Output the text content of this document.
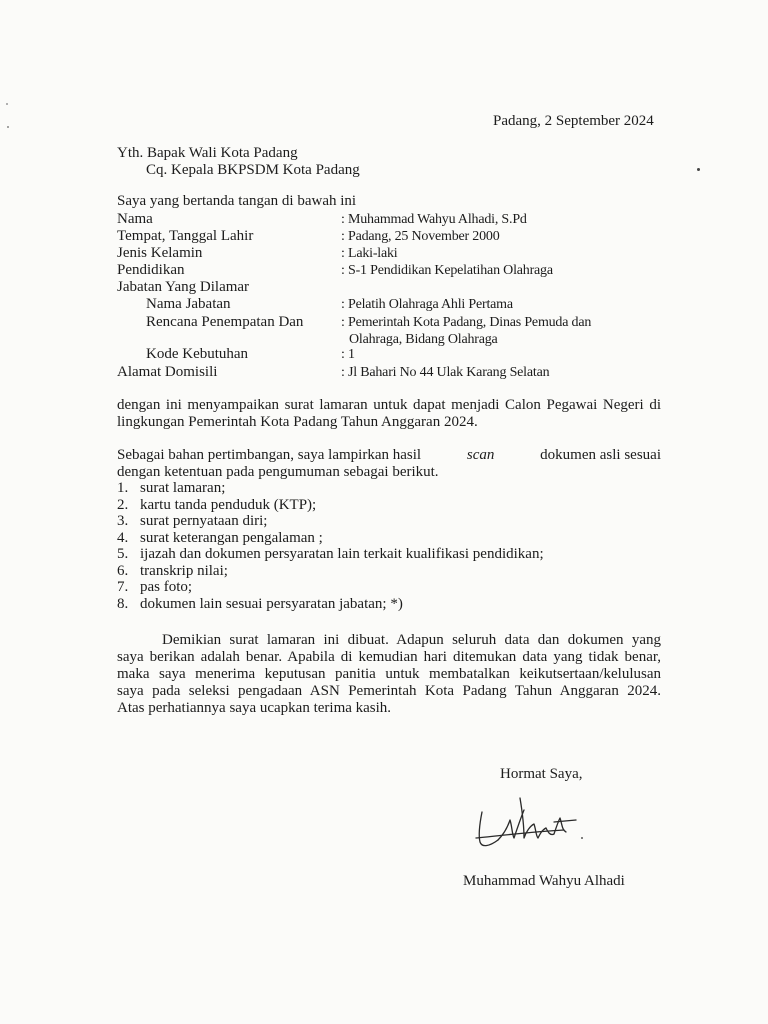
Padang, 2 September 2024
Yth. Bapak Wali Kota Padang
Cq. Kepala BKPSDM Kota Padang
Saya yang bertanda tangan di bawah ini
Nama	: Muhammad Wahyu Alhadi, S.Pd
Tempat, Tanggal Lahir	: Padang, 25 November 2000
Jenis Kelamin	: Laki-laki
Pendidikan	: S-1 Pendidikan Kepelatihan Olahraga
Jabatan Yang Dilamar
Nama Jabatan	: Pelatih Olahraga Ahli Pertama
Rencana Penempatan Dan	: Pemerintah Kota Padang, Dinas Pemuda dan
Olahraga, Bidang Olahraga
Kode Kebutuhan	: 1
Alamat Domisili	: Jl Bahari No 44 Ulak Karang Selatan
dengan ini menyampaikan surat lamaran untuk dapat menjadi Calon Pegawai Negeri di
lingkungan Pemerintah Kota Padang Tahun Anggaran 2024.
Sebagai bahan pertimbangan, saya lampirkan hasil	scan	dokumen asli sesuai
dengan ketentuan pada pengumuman sebagai berikut.
1. surat lamaran;
2. kartu tanda penduduk (KTP);
3. surat pernyataan diri;
4. surat keterangan pengalaman ;
5. ijazah dan dokumen persyaratan lain terkait kualifikasi pendidikan;
6. transkrip nilai;
7. pas foto;
8. dokumen lain sesuai persyaratan jabatan; *)
Demikian surat lamaran ini dibuat. Adapun seluruh data dan dokumen yang
saya berikan adalah benar. Apabila di kemudian hari ditemukan data yang tidak benar,
maka saya menerima keputusan panitia untuk membatalkan keikutsertaan/kelulusan
saya pada seleksi pengadaan ASN Pemerintah Kota Padang Tahun Anggaran 2024.
Atas perhatiannya saya ucapkan terima kasih.
Hormat Saya,
Muhammad Wahyu Alhadi
